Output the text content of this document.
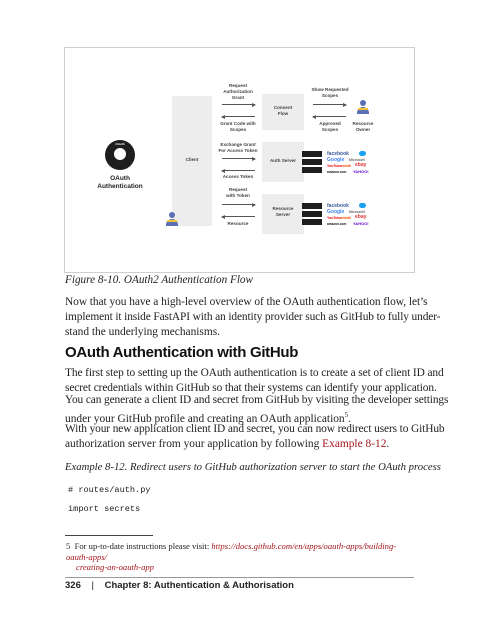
OAuth
OAuth
Authentication
Client
Consent
Flow
Auth Server
Resource
Server
facebook
Google Microsoft
YouTube reddit ebay
amazon.com YAHOO!
facebook
Google Microsoft
YouTube reddit ebay
amazon.com YAHOO!
Resource
Owner
Request
Authorization
Grant
Grant Code with
Scopes
Exchange Grant
For Access Token
Access Token
Request
with Token
Resource
Show Requested
Scopes
Approved
Scopes
Figure 8-10. OAuth2 Authentication Flow
Now that you have a high-level overview of the OAuth authentication flow, let’s
implement it inside FastAPI with an identity provider such as GitHub to fully under-
stand the underlying mechanisms.
OAuth Authentication with GitHub
The first step to setting up the OAuth authentication is to create a set of client ID and
secret credentials within GitHub so that their systems can identify your application.
You can generate a client ID and secret from GitHub by visiting the developer settings
under your GitHub profile and creating an OAuth application$^5$.
With your new application client ID and secret, you can now redirect users to GitHub
authorization server from your application by following Example 8-12.
Example 8-12. Redirect users to GitHub authorization server to start the OAuth process
# routes/auth.py
import secrets
5 For up-to-date instructions please visit: https://docs.github.com/en/apps/oauth-apps/building-oauth-apps/
creating-an-oauth-app
326 | Chapter 8: Authentication & Authorisation
